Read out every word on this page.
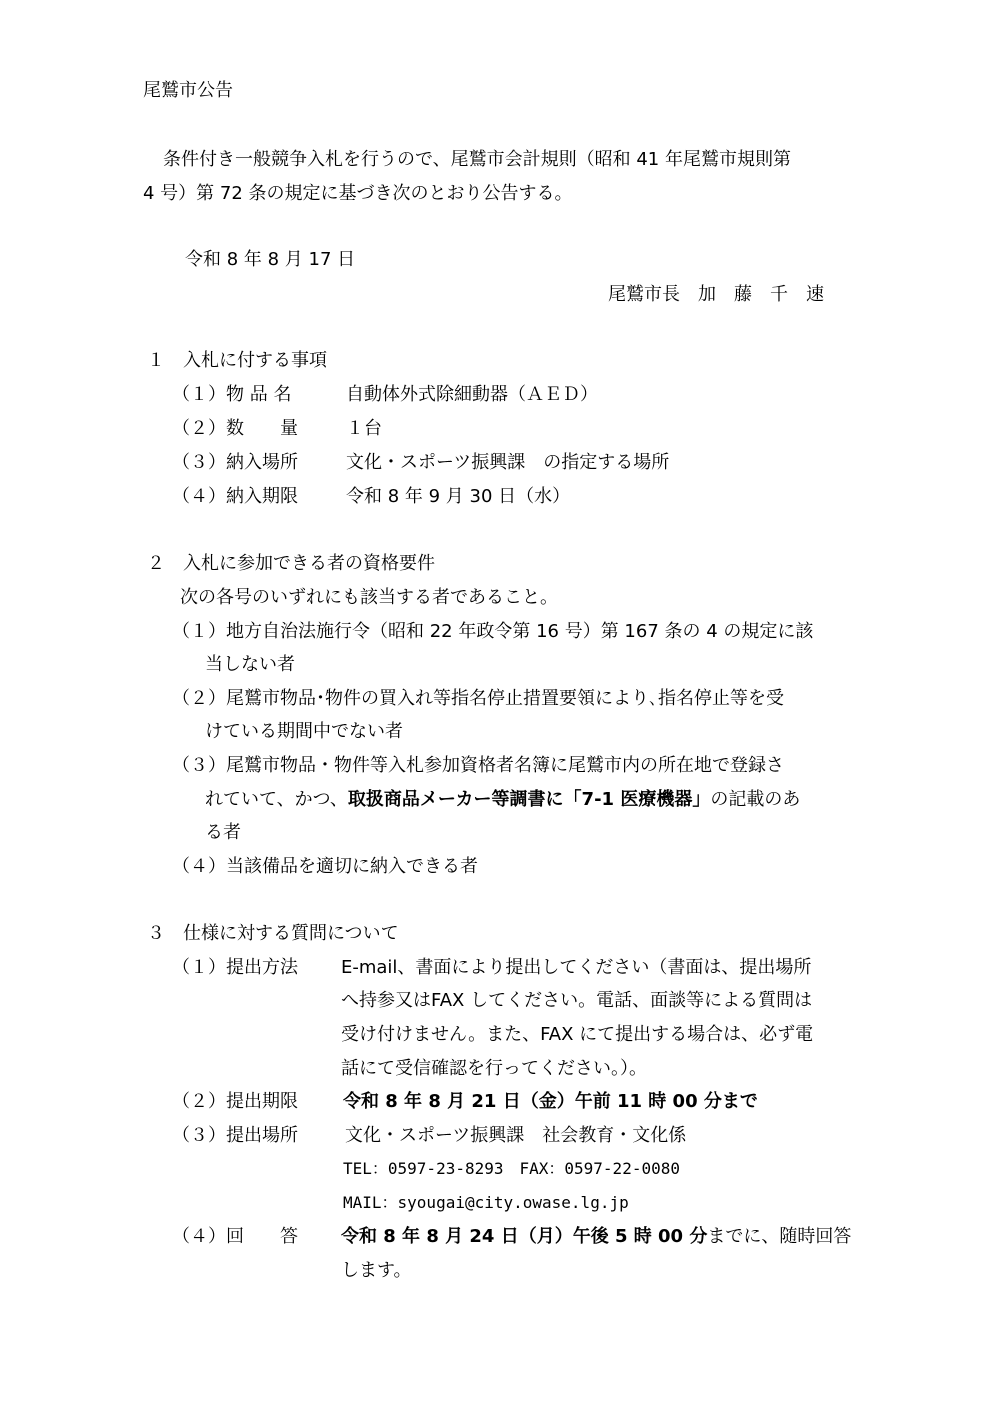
尾鷲市公告
条件付き一般競争入札を行うので、尾鷲市会計規則（昭和 41 年尾鷲市規則第
4 号）第 72 条の規定に基づき次のとおり公告する。
令和 8 年 8 月 17 日
尾鷲市長　加　藤　千　速
１　入札に付する事項
（１）物 品 名	自動体外式除細動器（ＡＥＤ）
（２）数　　量	１台
（３）納入場所	文化・スポーツ振興課　の指定する場所
（４）納入期限	令和 8 年 9 月 30 日（水）
２　入札に参加できる者の資格要件
次の各号のいずれにも該当する者であること。
（１）地方自治法施行令（昭和 22 年政令第 16 号）第 167 条の 4 の規定に該
当しない者
（２）尾鷲市物品･物件の買入れ等指名停止措置要領により､指名停止等を受
けている期間中でない者
（３）尾鷲市物品・物件等入札参加資格者名簿に尾鷲市内の所在地で登録さ
れていて、かつ、取扱商品メーカー等調書に「7-1 医療機器」の記載のあ
る者
（４）当該備品を適切に納入できる者
３　仕様に対する質問について
（１）提出方法 E-mail、書面により提出してください（書面は、提出場所
へ持参又はFAX してください。電話、面談等による質問は
受け付けません。また、FAX にて提出する場合は、必ず電
話にて受信確認を行ってください。）。
（２）提出期限	令和 8 年 8 月 21 日（金）午前 11 時 00 分まで
（３）提出場所	文化・スポーツ振興課　社会教育・文化係
TEL：0597-23-8293　FAX：0597-22-0080
MAIL：syougai@city.owase.lg.jp
（４）回　　答 令和 8 年 8 月 24 日（月）午後 5 時 00 分までに、随時回答
します。
